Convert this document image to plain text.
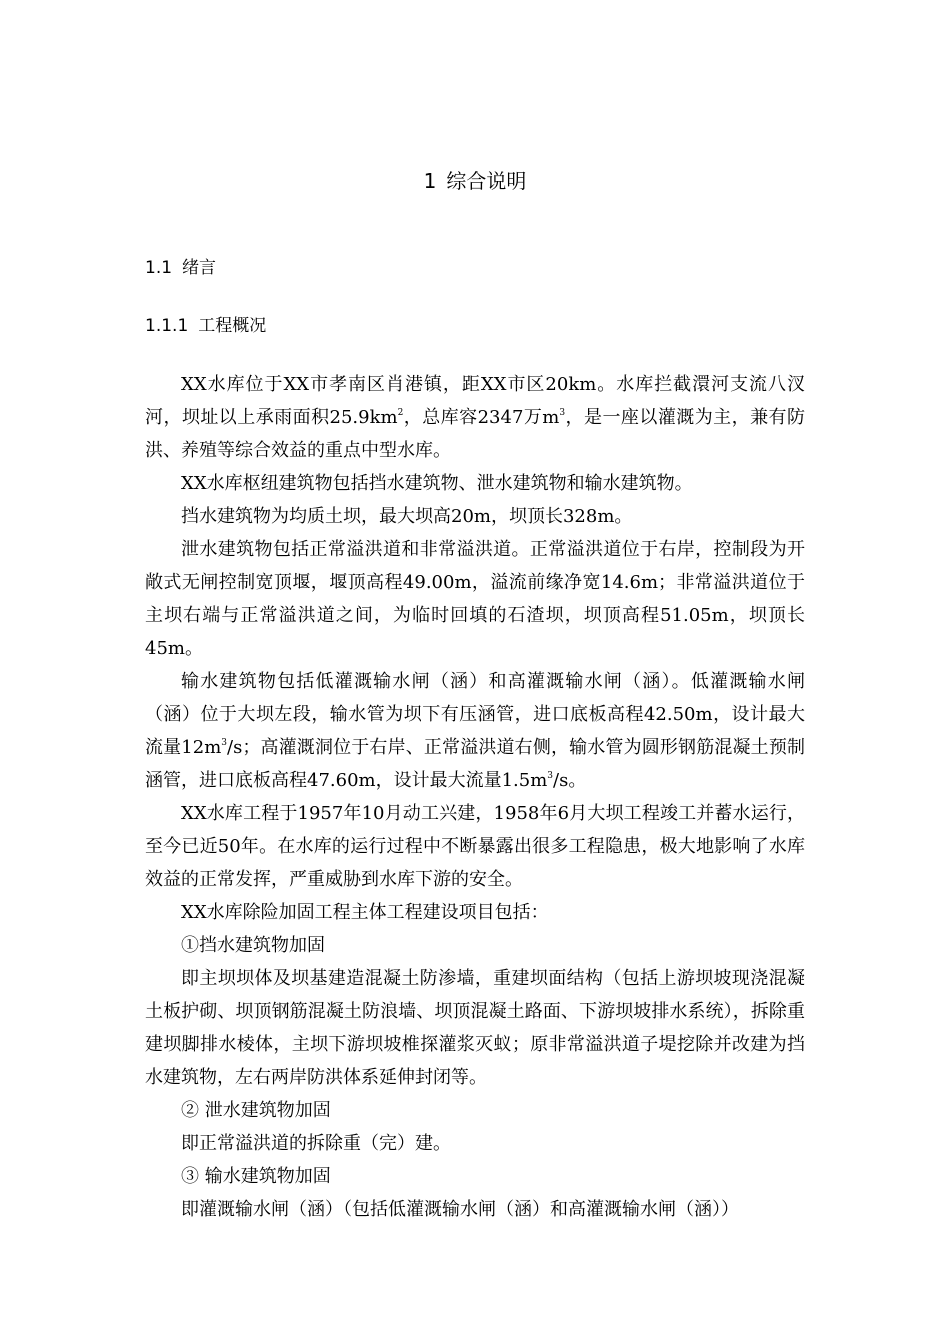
1 综合说明
1.1 绪言
1.1.1 工程概况

XX水库位于XX市孝南区肖港镇，距XX市区20km。水库拦截澴河支流八汊河，坝址以上承雨面积$25.9km^2$，总库容2347万$m^3$，是一座以灌溉为主，兼有防洪、养殖等综合效益的重点中型水库。

XX水库枢纽建筑物包括挡水建筑物、泄水建筑物和输水建筑物。

挡水建筑物为均质土坝，最大坝高20m，坝顶长328m。

泄水建筑物包括正常溢洪道和非常溢洪道。正常溢洪道位于右岸，控制段为开敞式无闸控制宽顶堰，堰顶高程49.00m，溢流前缘净宽14.6m；非常溢洪道位于主坝右端与正常溢洪道之间，为临时回填的石渣坝，坝顶高程51.05m，坝顶长45m。

输水建筑物包括低灌溉输水闸（涵）和高灌溉输水闸（涵）。低灌溉输水闸（涵）位于大坝左段，输水管为坝下有压涵管，进口底板高程42.50m，设计最大流量$12m^3/s$；高灌溉洞位于右岸、正常溢洪道右侧，输水管为圆形钢筋混凝土预制涵管，进口底板高程47.60m，设计最大流量$1.5m^3/s$。

XX水库工程于1957年10月动工兴建，1958年6月大坝工程竣工并蓄水运行，至今已近50年。在水库的运行过程中不断暴露出很多工程隐患，极大地影响了水库效益的正常发挥，严重威胁到水库下游的安全。

XX水库除险加固工程主体工程建设项目包括：

①挡水建筑物加固

即主坝坝体及坝基建造混凝土防渗墙，重建坝面结构（包括上游坝坡现浇混凝土板护砌、坝顶钢筋混凝土防浪墙、坝顶混凝土路面、下游坝坡排水系统），拆除重建坝脚排水棱体，主坝下游坝坡椎探灌浆灭蚁；原非常溢洪道子堤挖除并改建为挡水建筑物，左右两岸防洪体系延伸封闭等。

② 泄水建筑物加固

即正常溢洪道的拆除重（完）建。

③ 输水建筑物加固

即灌溉输水闸（涵）（包括低灌溉输水闸（涵）和高灌溉输水闸（涵））
